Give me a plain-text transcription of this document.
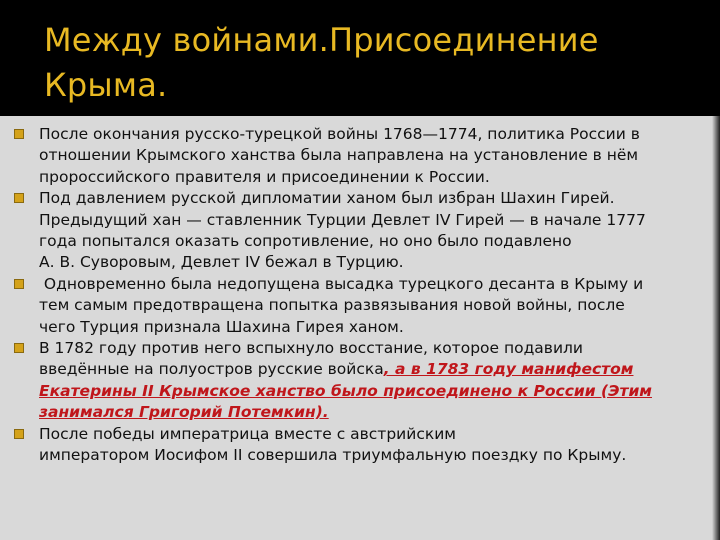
Между войнами.Присоединение
Крыма.
После окончания русско-турецкой войны 1768—1774, политика России в
отношении Крымского ханства была направлена на установление в нём
пророссийского правителя и присоединении к России.
Под давлением русской дипломатии ханом был избран Шахин Гирей.
Предыдущий хан — ставленник Турции Девлет IV Гирей — в начале 1777
года попытался оказать сопротивление, но оно было подавлено
А. В. Суворовым, Девлет IV бежал в Турцию.
Одновременно была недопущена высадка турецкого десанта в Крыму и
тем самым предотвращена попытка развязывания новой войны, после
чего Турция признала Шахина Гирея ханом.
В 1782 году против него вспыхнуло восстание, которое подавили
введённые на полуостров русские войска, а в 1783 году манифестом
Екатерины II Крымское ханство было присоединено к России (Этим
занимался Григорий Потемкин).
После победы императрица вместе с австрийским
императором Иосифом II совершила триумфальную поездку по Крыму.
